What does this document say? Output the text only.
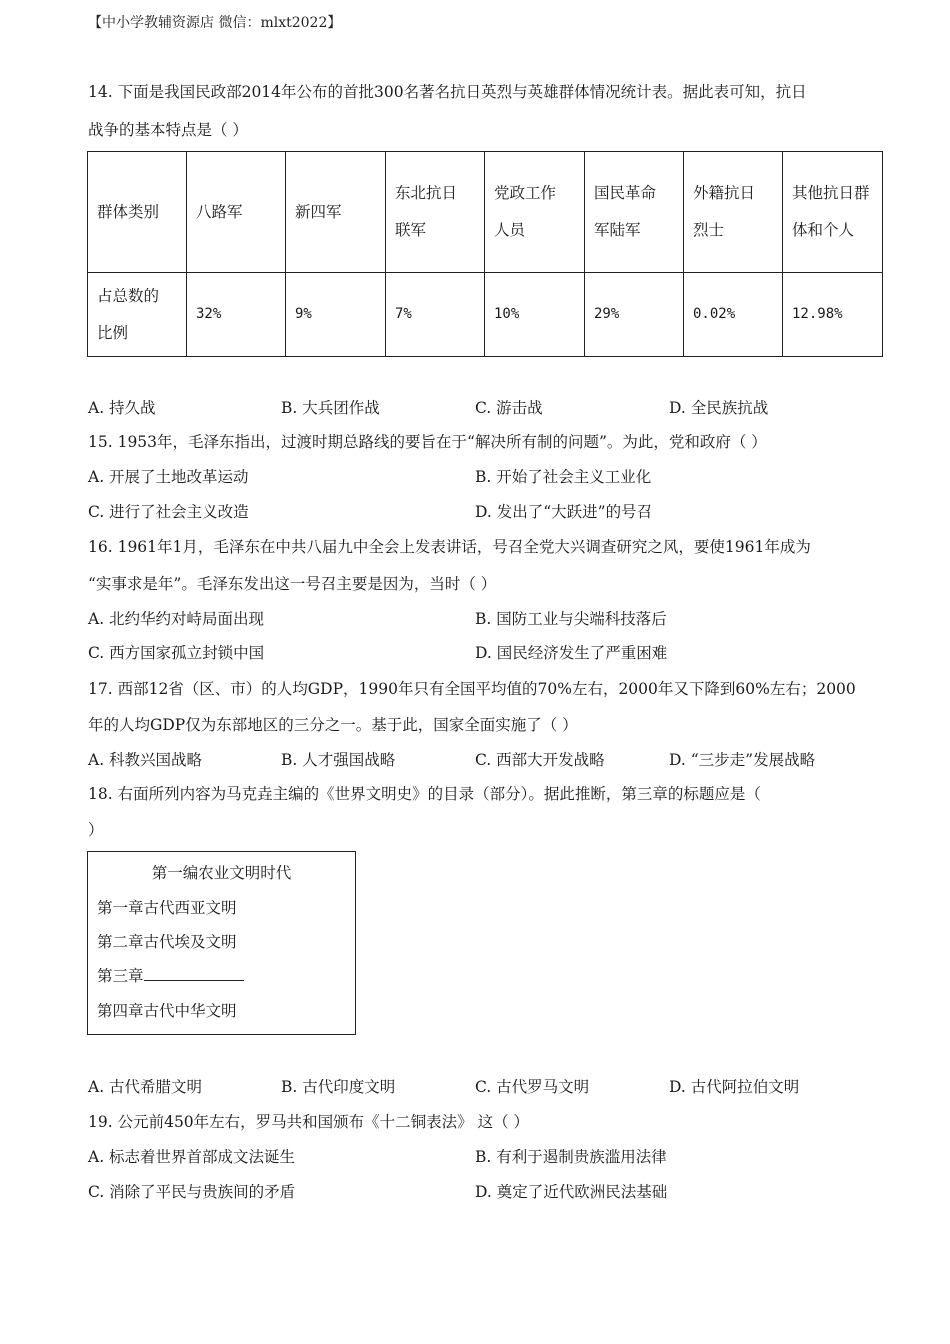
【中小学教辅资源店 微信：mlxt2022】
14. 下面是我国民政部2014年公布的首批300名著名抗日英烈与英雄群体情况统计表。据此表可知，抗日
战争的基本特点是（ ）
群体类别	八路军	新四军	东北抗日联军	党政工作人员	国民革命军陆军	外籍抗日烈士	其他抗日群体和个人
占总数的比例	32%	9%	7%	10%	29%	0.02%	12.98%
A. 持久战	B. 大兵团作战	C. 游击战	D. 全民族抗战
15. 1953年，毛泽东指出，过渡时期总路线的要旨在于“解决所有制的问题”。为此，党和政府（ ）
A. 开展了土地改革运动	B. 开始了社会主义工业化
C. 进行了社会主义改造	D. 发出了“大跃进”的号召
16. 1961年1月，毛泽东在中共八届九中全会上发表讲话，号召全党大兴调查研究之风，要使1961年成为
“实事求是年”。毛泽东发出这一号召主要是因为，当时（ ）
A. 北约华约对峙局面出现	B. 国防工业与尖端科技落后
C. 西方国家孤立封锁中国	D. 国民经济发生了严重困难
17. 西部12省（区、市）的人均GDP，1990年只有全国平均值的70%左右，2000年又下降到60%左右；2000
年的人均GDP仅为东部地区的三分之一。基于此，国家全面实施了（ ）
A. 科教兴国战略	B. 人才强国战略	C. 西部大开发战略	D. “三步走”发展战略
18. 右面所列内容为马克垚主编的《世界文明史》的目录（部分）。据此推断，第三章的标题应是（
）
第一编农业文明时代
第一章古代西亚文明
第二章古代埃及文明
第三章
第四章古代中华文明
A. 古代希腊文明	B. 古代印度文明	C. 古代罗马文明	D. 古代阿拉伯文明
19. 公元前450年左右，罗马共和国颁布《十二铜表法》 这（ ）
A. 标志着世界首部成文法诞生	B. 有利于遏制贵族滥用法律
C. 消除了平民与贵族间的矛盾	D. 奠定了近代欧洲民法基础
